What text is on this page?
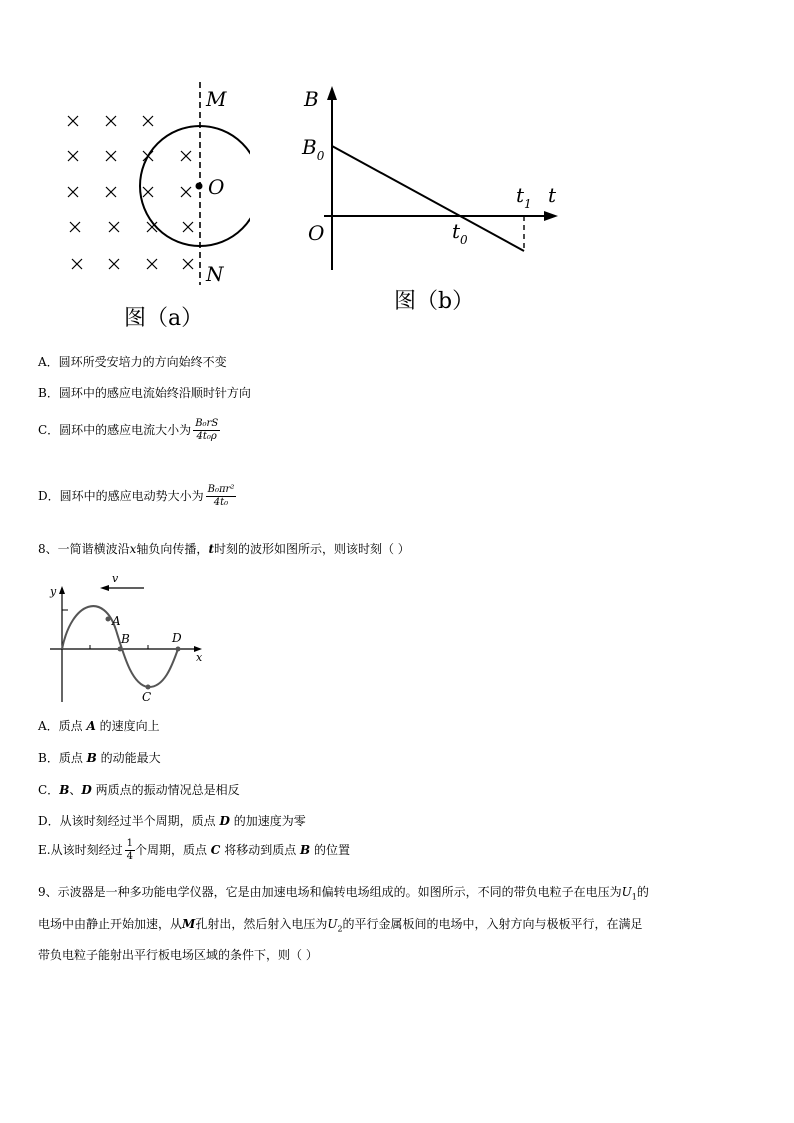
M
O
N
图（a）
B
$B_0$
O	$t_0$
$t_1$ t
图（b）
A．圆环所受安培力的方向始终不变
B．圆环中的感应电流始终沿顺时针方向
C．圆环中的感应电流大小为 $\frac{\text{B₀rS}}{\text{4t₀ρ}}$
D．圆环中的感应电动势大小为 $\frac{\text{B₀πr²}}{\text{4t₀}}$
8、一简谐横波沿x轴负向传播，t时刻的波形如图所示，则该时刻（ ）
y
x
v
A
B
C
D
A．质点 A 的速度向上
B．质点 B 的动能最大
C．B、D 两质点的振动情况总是相反
D．从该时刻经过半个周期，质点 D 的加速度为零
E.从该时刻经过 $\frac{1}{4}$ 个周期，质点 C 将移动到质点 B 的位置
9、示波器是一种多功能电学仪器，它是由加速电场和偏转电场组成的。如图所示，不同的带负电粒子在电压为$U_1$的
电场中由静止开始加速，从M孔射出，然后射入电压为$U_2$的平行金属板间的电场中，入射方向与极板平行，在满足
带负电粒子能射出平行板电场区域的条件下，则（ ）
